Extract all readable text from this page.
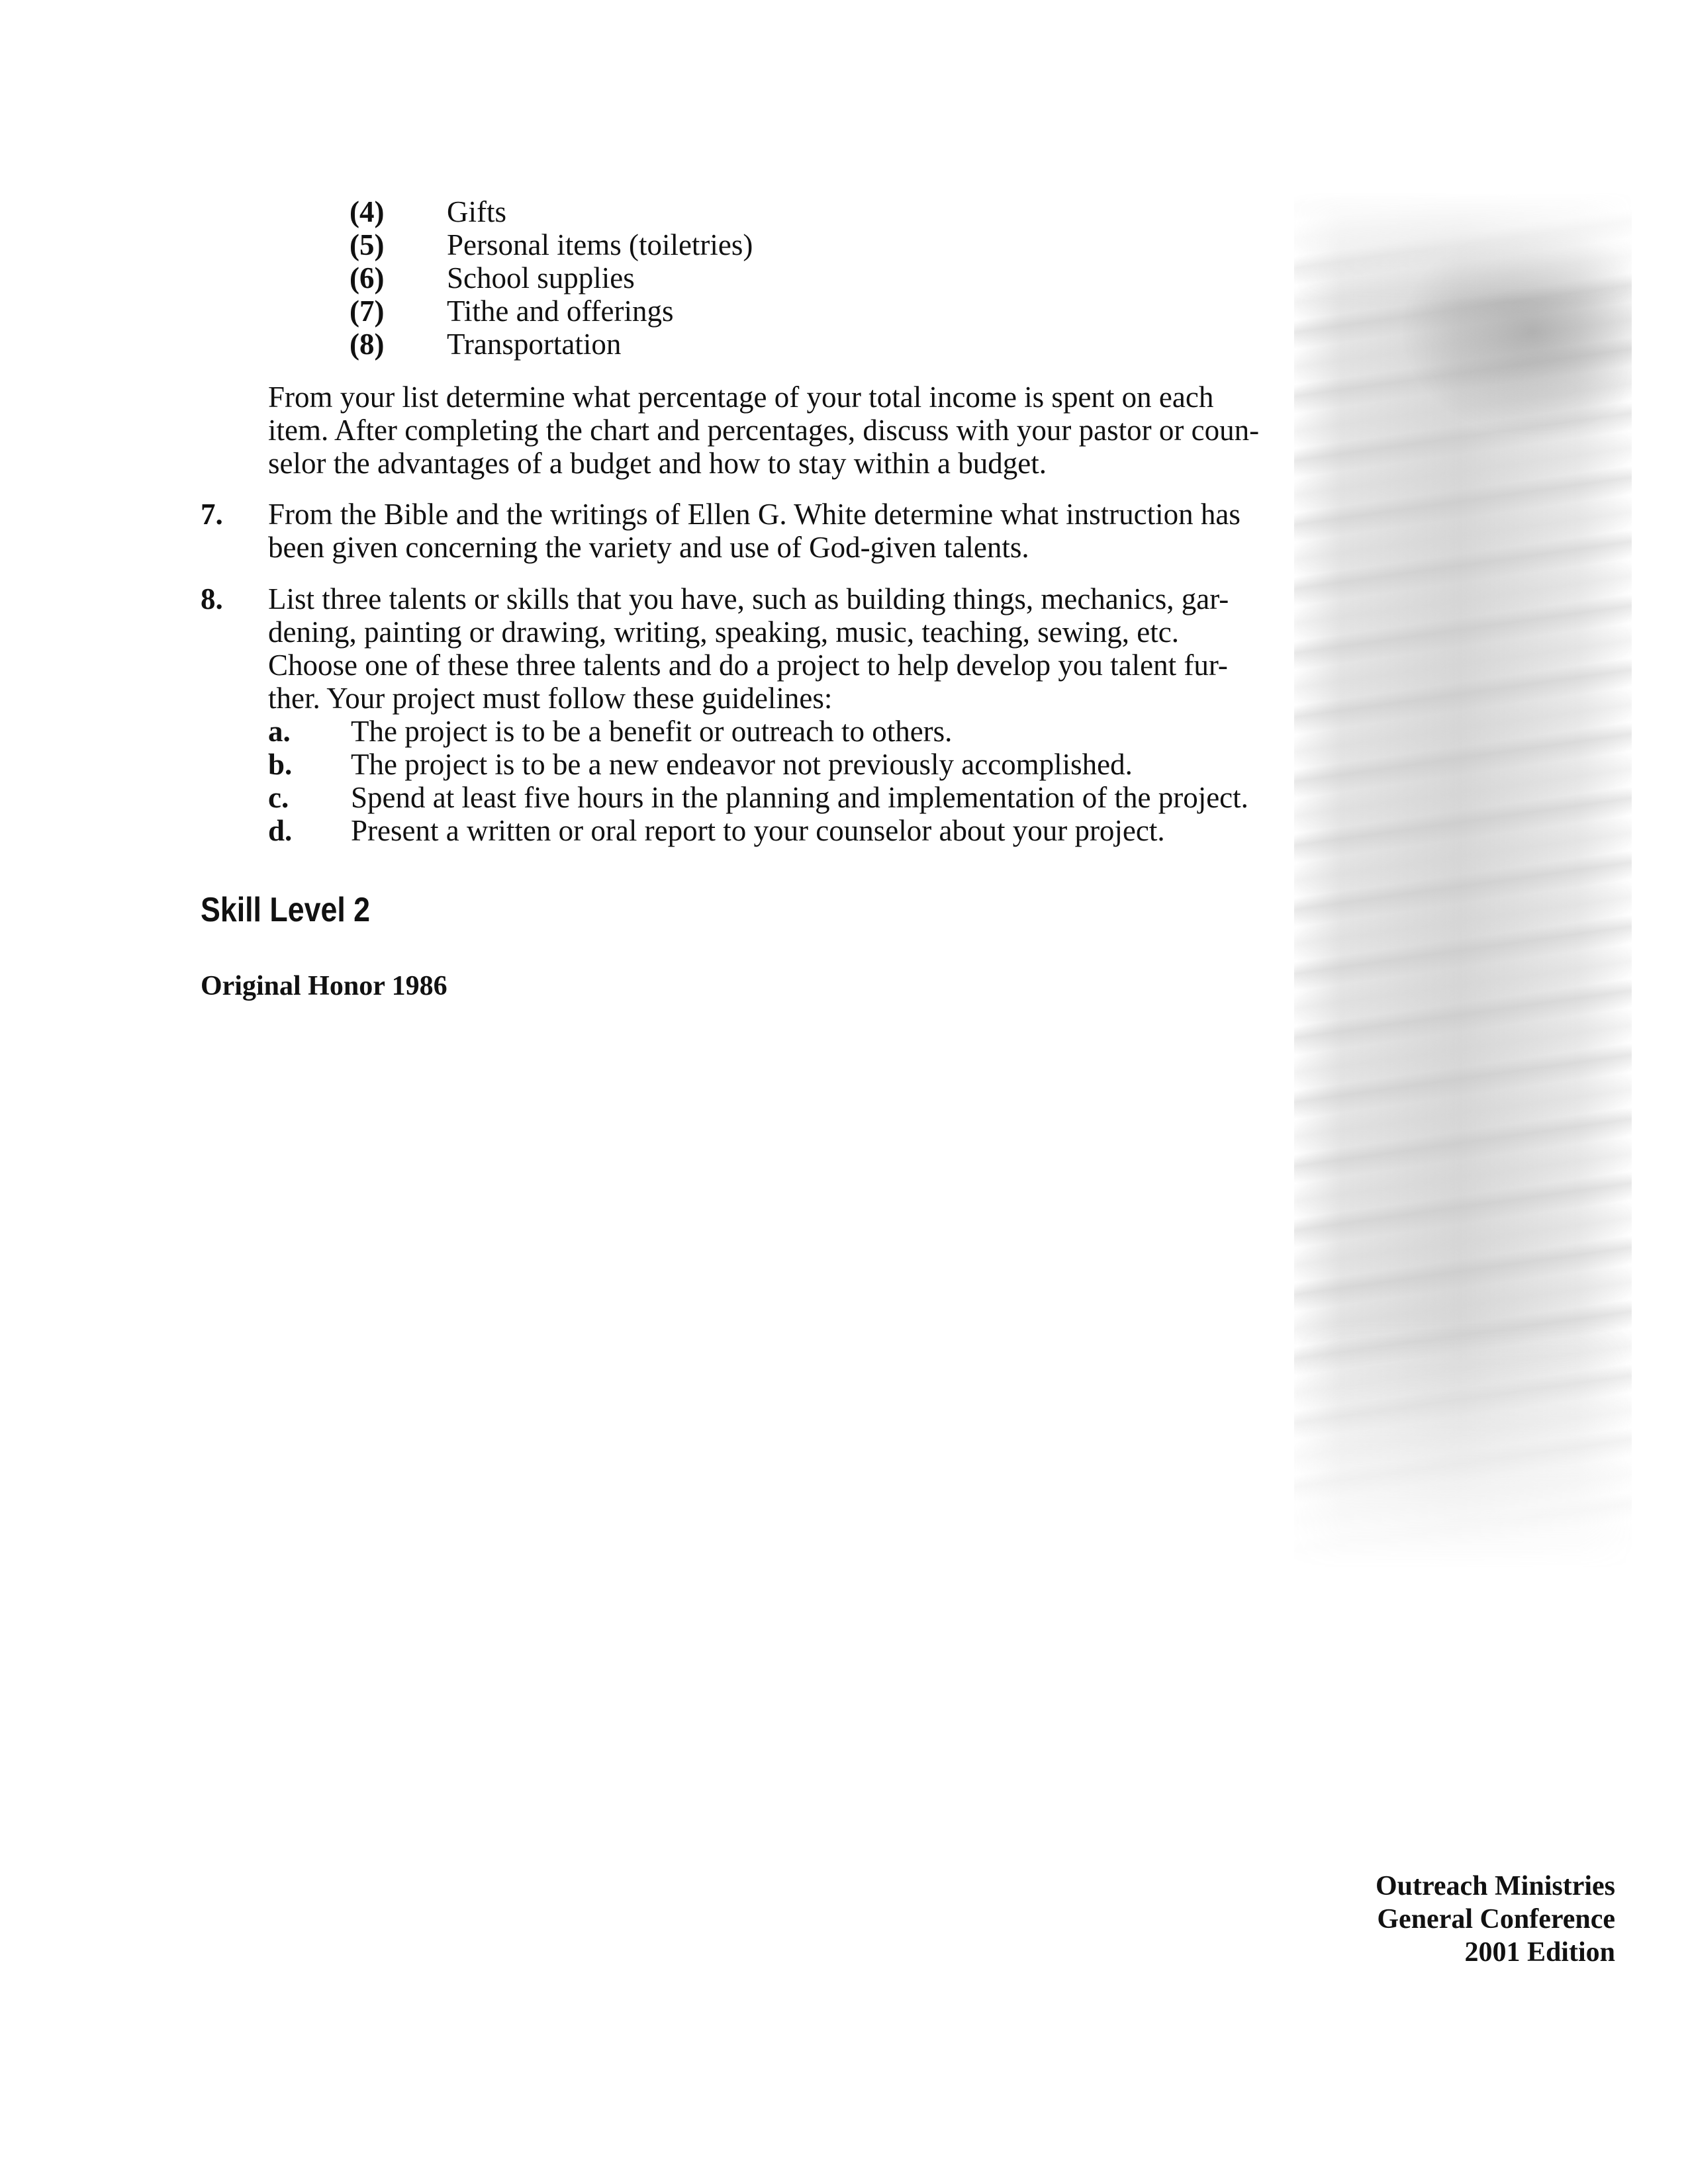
(4) Gifts
(5) Personal items (toiletries)
(6) School supplies
(7) Tithe and offerings
(8) Transportation
From your list determine what percentage of your total income is spent on each
item. After completing the chart and percentages, discuss with your pastor or coun-
selor the advantages of a budget and how to stay within a budget.
7. From the Bible and the writings of Ellen G. White determine what instruction has
been given concerning the variety and use of God-given talents.
8. List three talents or skills that you have, such as building things, mechanics, gar-
dening, painting or drawing, writing, speaking, music, teaching, sewing, etc.
Choose one of these three talents and do a project to help develop you talent fur-
ther. Your project must follow these guidelines:
a. The project is to be a benefit or outreach to others.
b. The project is to be a new endeavor not previously accomplished.
c. Spend at least five hours in the planning and implementation of the project.
d. Present a written or oral report to your counselor about your project.
Skill Level 2
Original Honor 1986
Outreach Ministries
General Conference
2001 Edition
